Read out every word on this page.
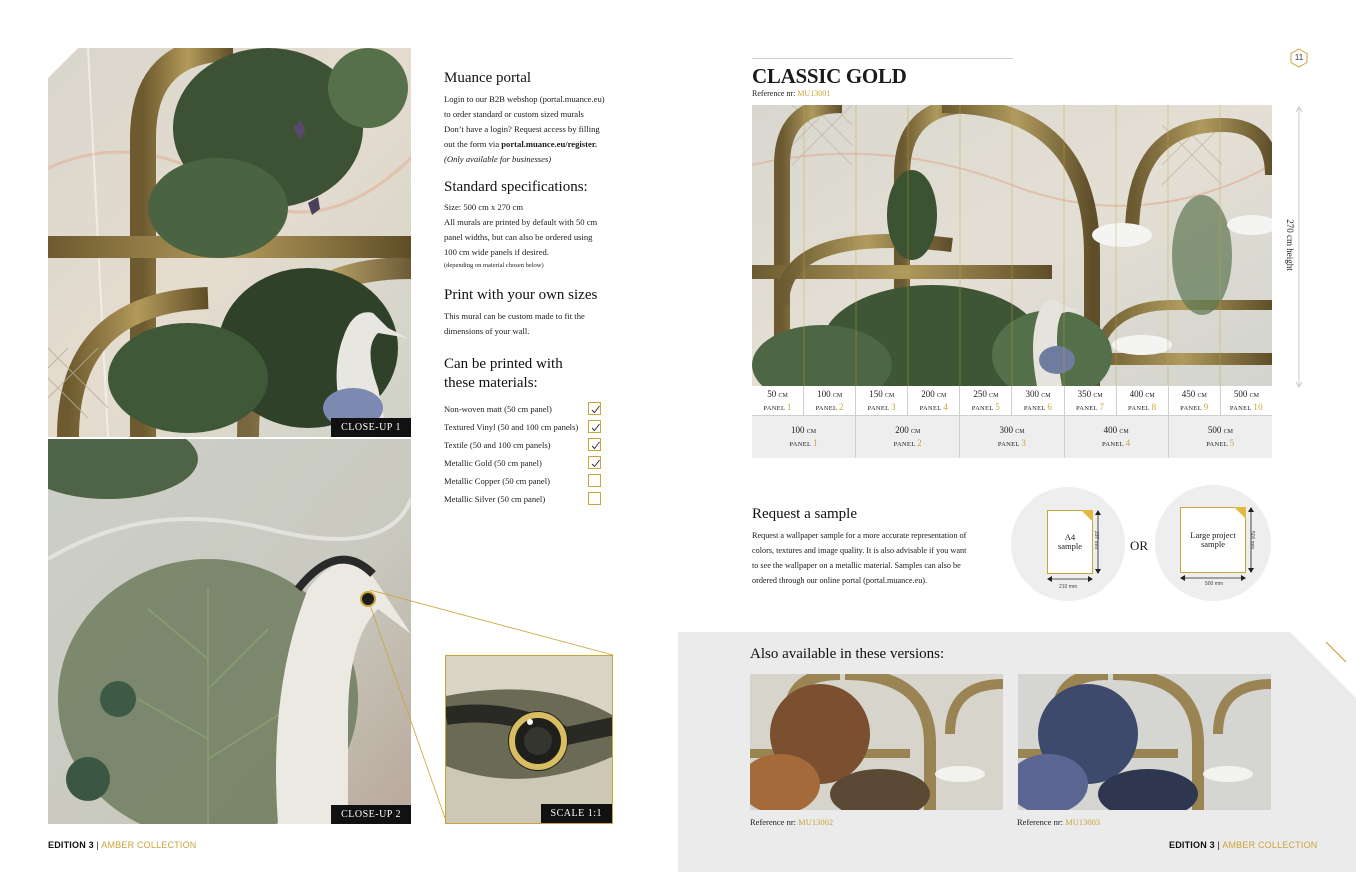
CLOSE-UP 1
CLOSE-UP 2	SCALE 1:1
Muance portal
Login to our B2B webshop (portal.muance.eu)
to order standard or custom sized murals
Don’t have a login? Request access by filling
out the form via portal.muance.eu/register.
(Only available for businesses)
Standard specifications:
Size: 500 cm x 270 cm
All murals are printed by default with 50 cm
panel widths, but can also be ordered using
100 cm wide panels if desired.
(depending on material chosen below)
Print with your own sizes
This mural can be custom made to fit the
dimensions of your wall.
Can be printed with
these materials:
Non-woven matt (50 cm panel)
Textured Vinyl (50 and 100 cm panels)
Textile (50 and 100 cm panels)
Metallic Gold (50 cm panel)
Metallic Copper (50 cm panel)
Metallic Silver (50 cm panel)
EDITION 3 | AMBER COLLECTION
11
CLASSIC GOLD
Reference nr: MU13001
270 cm height
50 CM
PANEL 1
100 CM
PANEL 2
150 CM
PANEL 3
200 CM
PANEL 4
250 CM
PANEL 5
300 CM
PANEL 6
350 CM
PANEL 7
400 CM
PANEL 8
450 CM
PANEL 9
500 CM
PANEL 10
100 CM
PANEL 1
200 CM
PANEL 2
300 CM
PANEL 3
400 CM
PANEL 4
500 CM
PANEL 5
Request a sample
Request a wallpaper sample for a more accurate representation of
colors, textures and image quality. It is also advisable if you want
to see the wallpaper on a metallic material. Samples can also be
ordered through our online portal (portal.muance.eu).
A4
sample 297 mm
210 mm
OR
Large project
sample	500 mm
500 mm
Also available in these versions:
Reference nr: MU13002	Reference nr: MU13003
EDITION 3 | AMBER COLLECTION
